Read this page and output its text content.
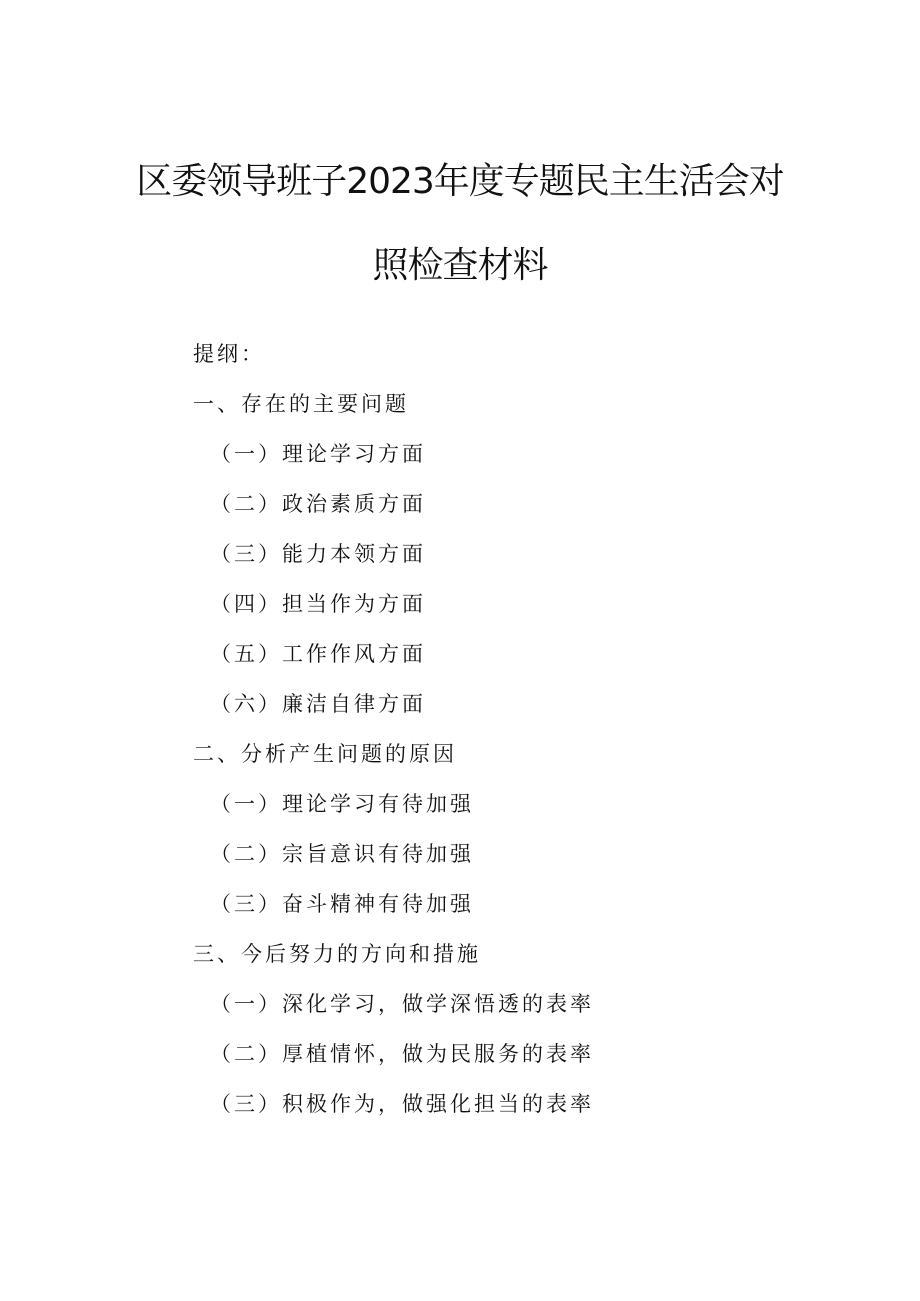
区委领导班子2023年度专题民主生活会对
照检查材料
提纲：
一、存在的主要问题
（一）理论学习方面
（二）政治素质方面
（三）能力本领方面
（四）担当作为方面
（五）工作作风方面
（六）廉洁自律方面
二、分析产生问题的原因
（一）理论学习有待加强
（二）宗旨意识有待加强
（三）奋斗精神有待加强
三、今后努力的方向和措施
（一）深化学习，做学深悟透的表率
（二）厚植情怀，做为民服务的表率
（三）积极作为，做强化担当的表率
